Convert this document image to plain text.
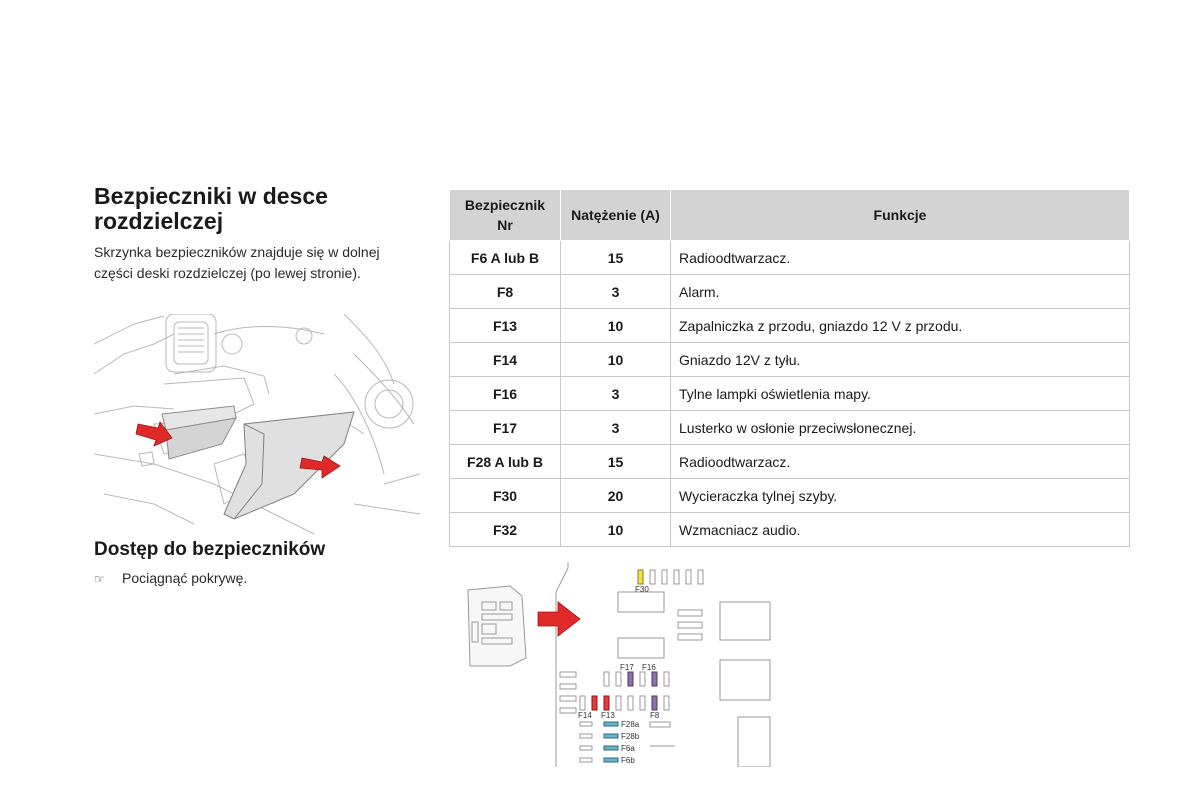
Bezpieczniki w desce rozdzielczej
Skrzynka bezpieczników znajduje się w dolnej części deski rozdzielczej (po lewej stronie).
Dostęp do bezpieczników
☞ Pociągnąć pokrywę.
Bezpiecznik Nr	Natężenie (A)	Funkcje
F6 A lub B	15	Radioodtwarzacz.
F8	3	Alarm.
F13	10	Zapalniczka z przodu, gniazdo 12 V z przodu.
F14	10	Gniazdo 12V z tyłu.
F16	3	Tylne lampki oświetlenia mapy.
F17	3	Lusterko w osłonie przeciwsłonecznej.
F28 A lub B	15	Radioodtwarzacz.
F30	20	Wycieraczka tylnej szyby.
F32	10	Wzmacniacz audio.
F30
F17 F16
F14 F13	F8
F28a
F28b
F6a
F6b
